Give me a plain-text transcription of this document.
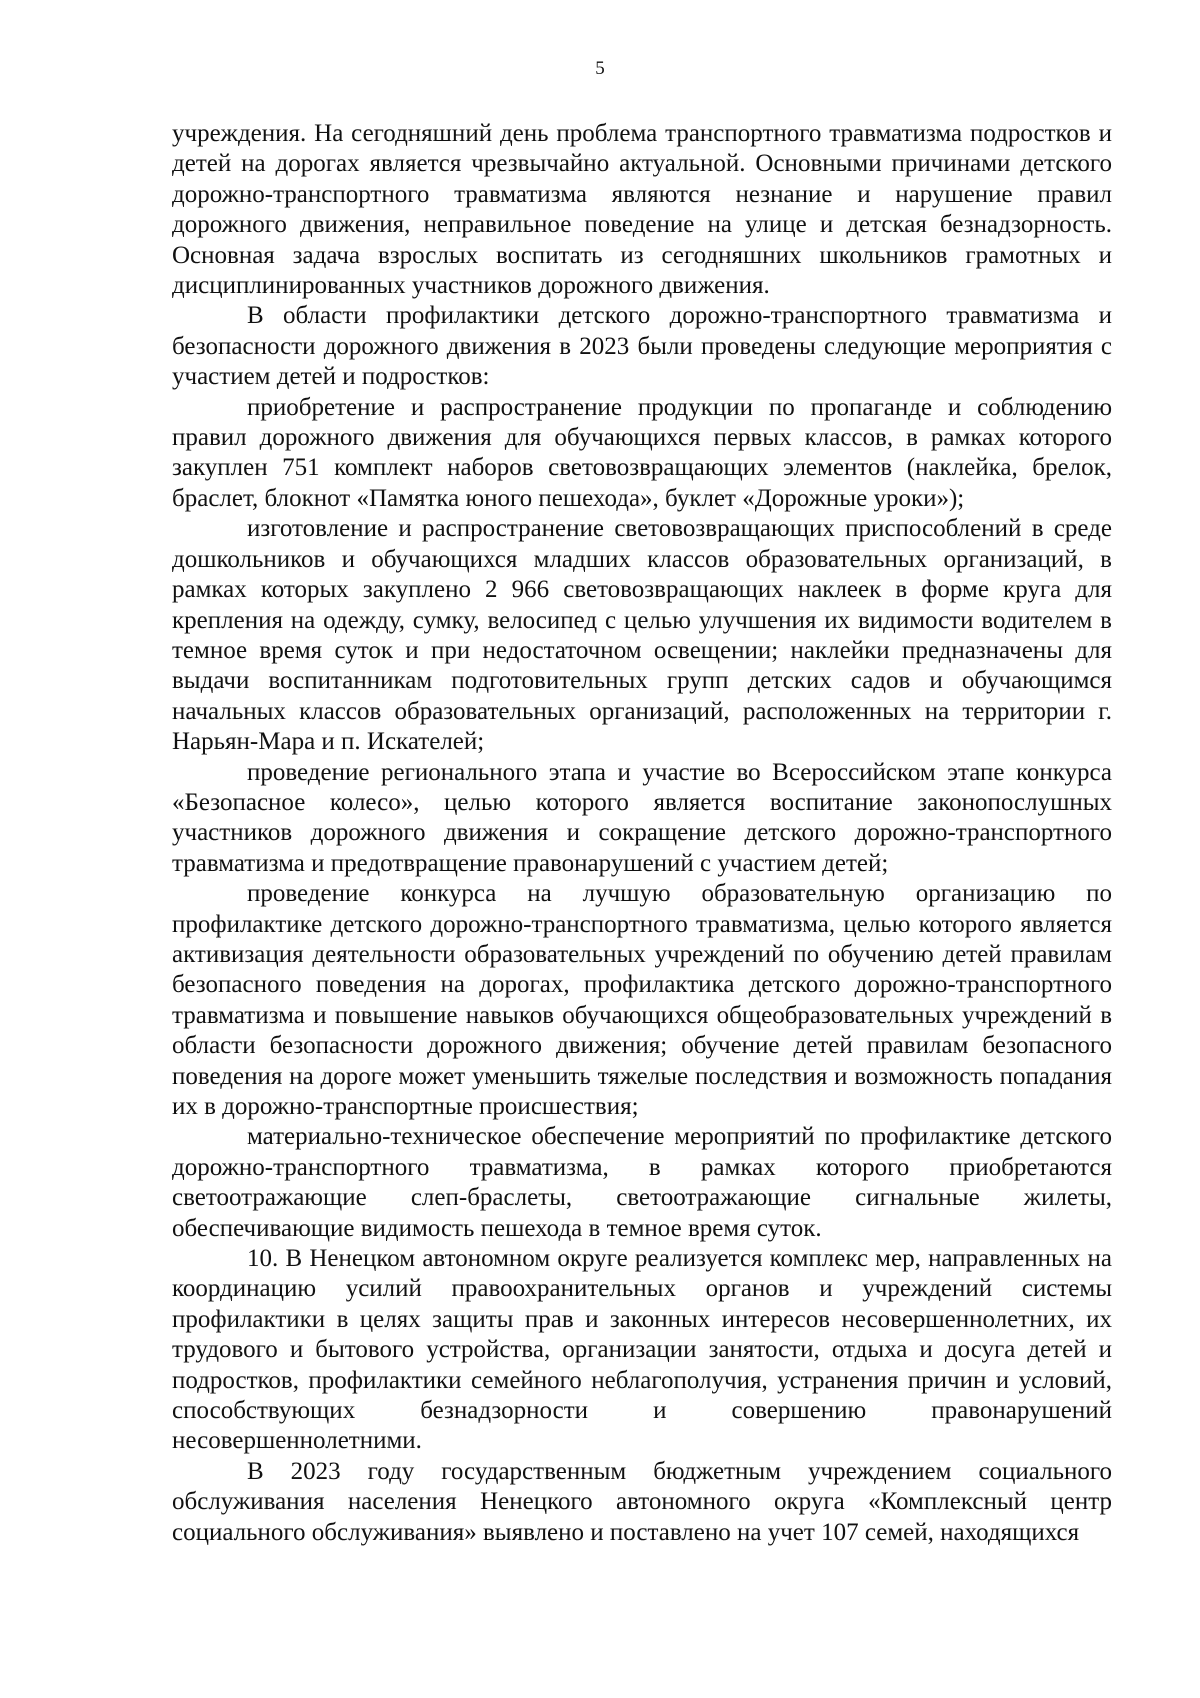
5

учреждения. На сегодняшний день проблема транспортного травматизма подростков и детей на дорогах является чрезвычайно актуальной. Основными причинами детского дорожно-транспортного травматизма являются незнание и нарушение правил дорожного движения, неправильное поведение на улице и детская безнадзорность. Основная задача взрослых воспитать из сегодняшних школьников грамотных и дисциплинированных участников дорожного движения.

В области профилактики детского дорожно-транспортного травматизма и безопасности дорожного движения в 2023 были проведены следующие мероприятия с участием детей и подростков:

приобретение и распространение продукции по пропаганде и соблюдению правил дорожного движения для обучающихся первых классов, в рамках которого закуплен 751 комплект наборов световозвращающих элементов (наклейка, брелок, браслет, блокнот «Памятка юного пешехода», буклет «Дорожные уроки»);

изготовление и распространение световозвращающих приспособлений в среде дошкольников и обучающихся младших классов образовательных организаций, в рамках которых закуплено 2 966 световозвращающих наклеек в форме круга для крепления на одежду, сумку, велосипед с целью улучшения их видимости водителем в темное время суток и при недостаточном освещении; наклейки предназначены для выдачи воспитанникам подготовительных групп детских садов и обучающимся начальных классов образовательных организаций, расположенных на территории г. Нарьян-Мара и п. Искателей;

проведение регионального этапа и участие во Всероссийском этапе конкурса «Безопасное колесо», целью которого является воспитание законопослушных участников дорожного движения и сокращение детского дорожно-транспортного травматизма и предотвращение правонарушений с участием детей;

проведение конкурса на лучшую образовательную организацию по профилактике детского дорожно-транспортного травматизма, целью которого является активизация деятельности образовательных учреждений по обучению детей правилам безопасного поведения на дорогах, профилактика детского дорожно-транспортного травматизма и повышение навыков обучающихся общеобразовательных учреждений в области безопасности дорожного движения; обучение детей правилам безопасного поведения на дороге может уменьшить тяжелые последствия и возможность попадания их в дорожно-транспортные происшествия;

материально-техническое обеспечение мероприятий по профилактике детского дорожно-транспортного травматизма, в рамках которого приобретаются светоотражающие слеп-браслеты, светоотражающие сигнальные жилеты, обеспечивающие видимость пешехода в темное время суток.

10. В Ненецком автономном округе реализуется комплекс мер, направленных на координацию усилий правоохранительных органов и учреждений системы профилактики в целях защиты прав и законных интересов несовершеннолетних, их трудового и бытового устройства, организации занятости, отдыха и досуга детей и подростков, профилактики семейного неблагополучия, устранения причин и условий, способствующих безнадзорности и совершению правонарушений несовершеннолетними.

В 2023 году государственным бюджетным учреждением социального обслуживания населения Ненецкого автономного округа «Комплексный центр социального обслуживания» выявлено и поставлено на учет 107 семей, находящихся
